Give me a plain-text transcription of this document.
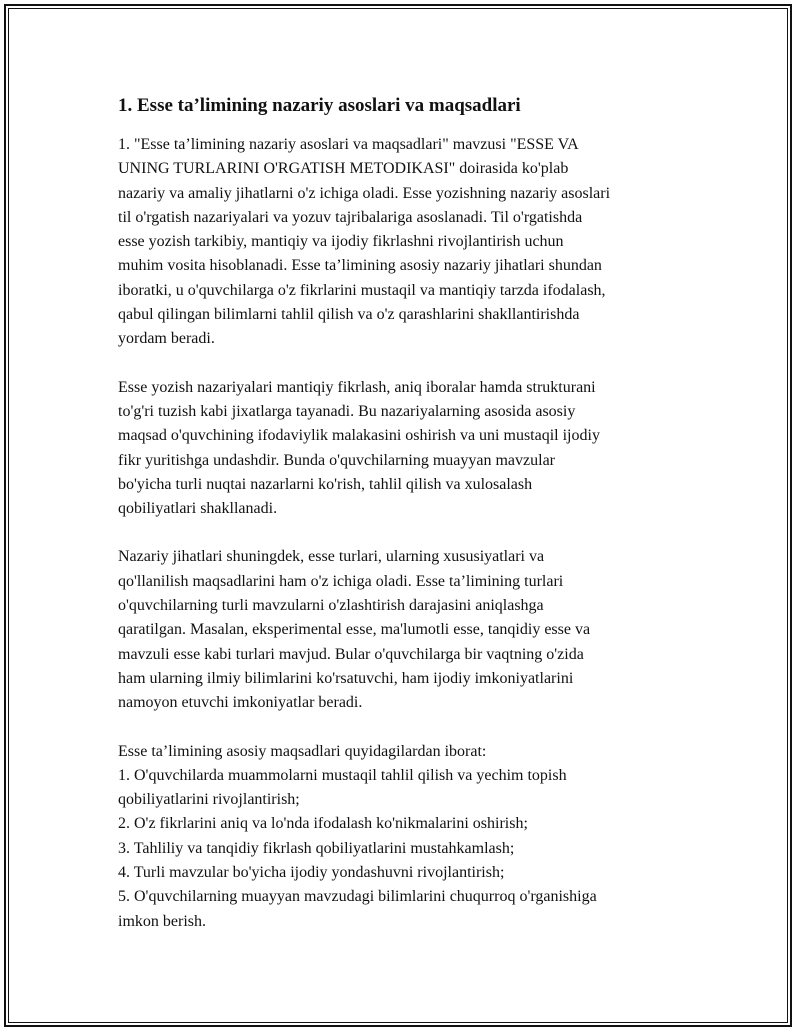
1. Esse ta’limining nazariy asoslari va maqsadlari
1. "Esse ta’limining nazariy asoslari va maqsadlari" mavzusi "ESSE VA
UNING TURLARINI O'RGATISH METODIKASI" doirasida ko'plab
nazariy va amaliy jihatlarni o'z ichiga oladi. Esse yozishning nazariy asoslari
til o'rgatish nazariyalari va yozuv tajribalariga asoslanadi. Til o'rgatishda
esse yozish tarkibiy, mantiqiy va ijodiy fikrlashni rivojlantirish uchun
muhim vosita hisoblanadi. Esse ta’limining asosiy nazariy jihatlari shundan
iboratki, u o'quvchilarga o'z fikrlarini mustaqil va mantiqiy tarzda ifodalash,
qabul qilingan bilimlarni tahlil qilish va o'z qarashlarini shakllantirishda
yordam beradi.
Esse yozish nazariyalari mantiqiy fikrlash, aniq iboralar hamda strukturani
to'g'ri tuzish kabi jixatlarga tayanadi. Bu nazariyalarning asosida asosiy
maqsad o'quvchining ifodaviylik malakasini oshirish va uni mustaqil ijodiy
fikr yuritishga undashdir. Bunda o'quvchilarning muayyan mavzular
bo'yicha turli nuqtai nazarlarni ko'rish, tahlil qilish va xulosalash
qobiliyatlari shakllanadi.
Nazariy jihatlari shuningdek, esse turlari, ularning xususiyatlari va
qo'llanilish maqsadlarini ham o'z ichiga oladi. Esse ta’limining turlari
o'quvchilarning turli mavzularni o'zlashtirish darajasini aniqlashga
qaratilgan. Masalan, eksperimental esse, ma'lumotli esse, tanqidiy esse va
mavzuli esse kabi turlari mavjud. Bular o'quvchilarga bir vaqtning o'zida
ham ularning ilmiy bilimlarini ko'rsatuvchi, ham ijodiy imkoniyatlarini
namoyon etuvchi imkoniyatlar beradi.
Esse ta’limining asosiy maqsadlari quyidagilardan iborat:
1. O'quvchilarda muammolarni mustaqil tahlil qilish va yechim topish
qobiliyatlarini rivojlantirish;
2. O'z fikrlarini aniq va lo'nda ifodalash ko'nikmalarini oshirish;
3. Tahliliy va tanqidiy fikrlash qobiliyatlarini mustahkamlash;
4. Turli mavzular bo'yicha ijodiy yondashuvni rivojlantirish;
5. O'quvchilarning muayyan mavzudagi bilimlarini chuqurroq o'rganishiga
imkon berish.
